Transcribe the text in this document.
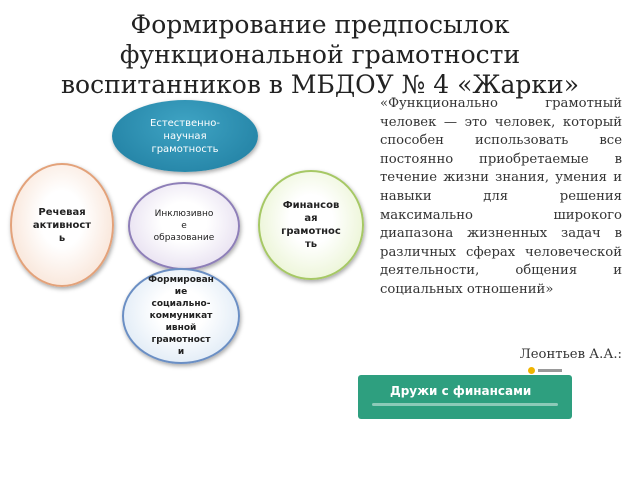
Формирование предпосылок
функциональной грамотности
воспитанников в МБДОУ № 4 «Жарки»
Естественно-
научная
грамотность
Речевая
активност
ь
Инклюзивно
е
образование
Финансов
ая
грамотнос
ть
Формирован
ие
социально-
коммуникат
ивной
грамотност
и
«Функционально грамотный человек — это человек, который способен использовать все постоянно приобретаемые в течение жизни знания, умения и навыки для решения максимально широкого диапазона жизненных задач в различных сферах человеческой деятельности, общения и социальных отношений»
Леонтьев А.А.:
Дружи с финансами
